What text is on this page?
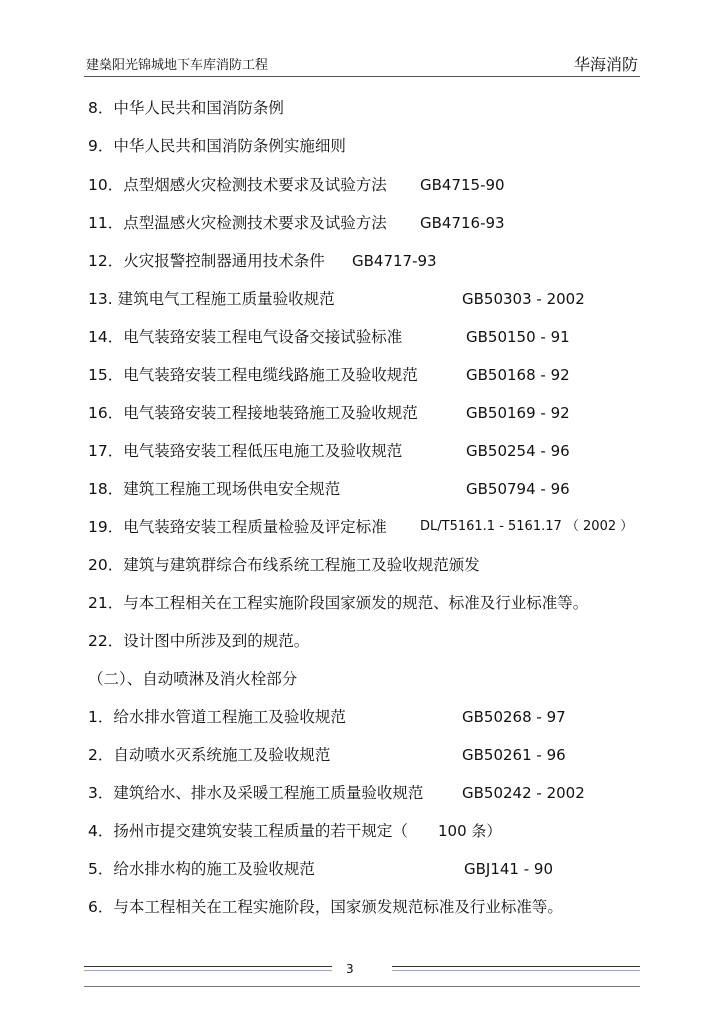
建燊阳光锦城地下车库消防工程	华海消防
8．中华人民共和国消防条例
9．中华人民共和国消防条例实施细则
10．点型烟感火灾检测技术要求及试验方法 GB4715-90
11．点型温感火灾检测技术要求及试验方法 GB4716-93
12．火灾报警控制器通用技术条件 GB4717-93
13. 建筑电气工程施工质量验收规范	GB50303 - 2002
14．电气装臵安装工程电气设备交接试验标准	GB50150 - 91
15．电气装臵安装工程电缆线路施工及验收规范	GB50168 - 92
16．电气装臵安装工程接地装臵施工及验收规范	GB50169 - 92
17．电气装臵安装工程低压电施工及验收规范	GB50254 - 96
18．建筑工程施工现场供电安全规范	GB50794 - 96
19．电气装臵安装工程质量检验及评定标准	DL/T5161.1 - 5161.17 （ 2002 ）
20．建筑与建筑群综合布线系统工程施工及验收规范颁发
21．与本工程相关在工程实施阶段国家颁发的规范、标准及行业标准等。
22．设计图中所涉及到的规范。
（二）、自动喷淋及消火栓部分
1．给水排水管道工程施工及验收规范	GB50268 - 97
2．自动喷水灭系统施工及验收规范	GB50261 - 96
3．建筑给水、排水及采暖工程施工质量验收规范	GB50242 - 2002
4．扬州市提交建筑安装工程质量的若干规定（ 100 条）
5．给水排水构的施工及验收规范	GBJ141 - 90
6．与本工程相关在工程实施阶段，国家颁发规范标准及行业标准等。
3
